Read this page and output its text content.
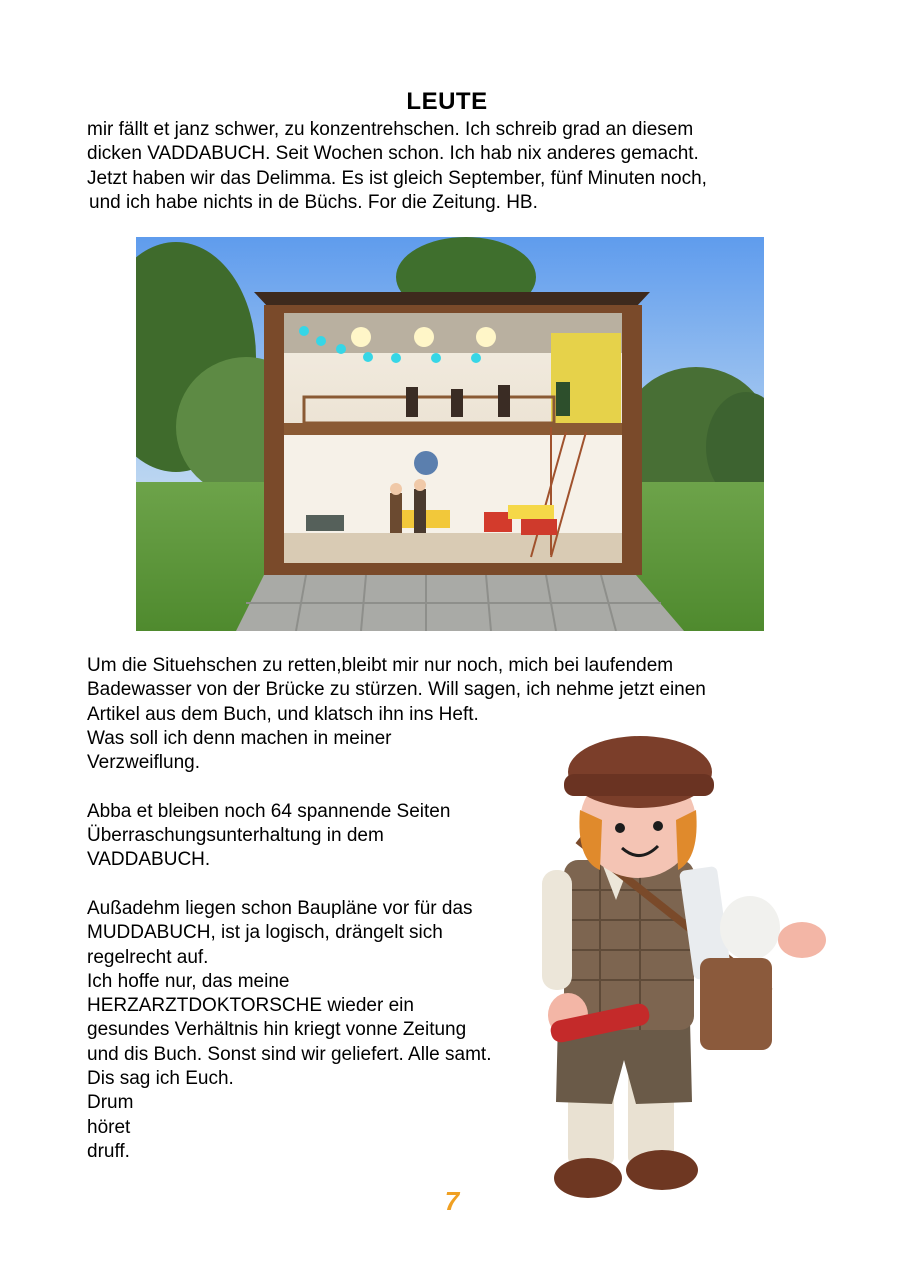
LEUTE
mir fällt et janz schwer, zu konzentrehschen. Ich schreib grad an diesem
dicken VADDABUCH. Seit Wochen schon. Ich hab nix anderes gemacht.
Jetzt haben wir das Delimma. Es ist gleich September, fünf Minuten noch,
und ich habe nichts in de Büchs. For die Zeitung. HB.
Um die Situehschen zu retten,bleibt mir nur noch, mich bei laufendem
Badewasser von der Brücke zu stürzen. Will sagen, ich nehme jetzt einen
Artikel aus dem Buch, und klatsch ihn ins Heft.
Was soll ich denn machen in meiner
Verzweiflung.
Abba et bleiben noch 64 spannende Seiten
Überraschungsunterhaltung in dem
VADDABUCH.
Außadehm liegen schon Baupläne vor für das
MUDDABUCH, ist ja logisch, drängelt sich
regelrecht auf.
Ich hoffe nur, das meine
HERZARZTDOKTORSCHE wieder ein
gesundes Verhältnis hin kriegt vonne Zeitung
und dis Buch. Sonst sind wir geliefert. Alle samt.
Dis sag ich Euch.
Drum
höret
druff.
7
